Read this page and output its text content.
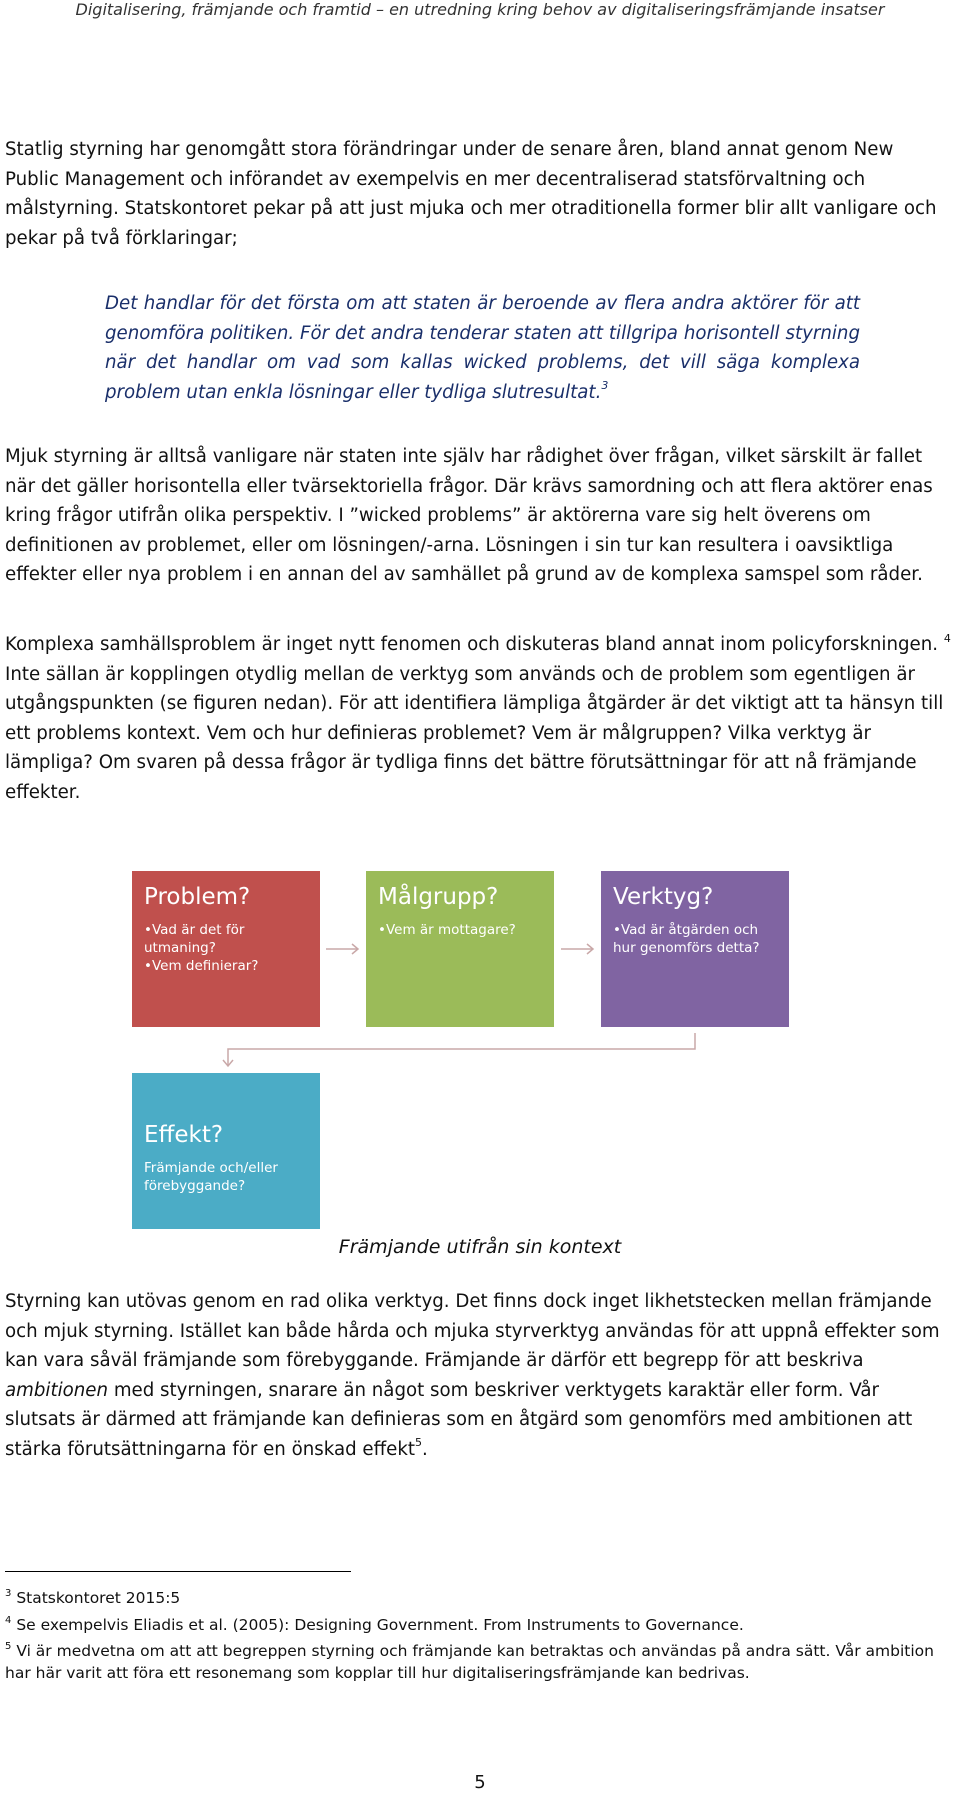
Digitalisering, främjande och framtid – en utredning kring behov av digitaliseringsfrämjande insatser

Statlig styrning har genomgått stora förändringar under de senare åren, bland annat genom New Public Management och införandet av exempelvis en mer decentraliserad statsförvaltning och målstyrning. Statskontoret pekar på att just mjuka och mer otraditionella former blir allt vanligare och pekar på två förklaringar;

Det handlar för det första om att staten är beroende av flera andra aktörer för att genomföra politiken. För det andra tenderar staten att tillgripa horisontell styrning när det handlar om vad som kallas wicked problems, det vill säga komplexa problem utan enkla lösningar eller tydliga slutresultat.$^3$

Mjuk styrning är alltså vanligare när staten inte själv har rådighet över frågan, vilket särskilt är fallet när det gäller horisontella eller tvärsektoriella frågor. Där krävs samordning och att flera aktörer enas kring frågor utifrån olika perspektiv. I ”wicked problems” är aktörerna vare sig helt överens om definitionen av problemet, eller om lösningen/-arna. Lösningen i sin tur kan resultera i oavsiktliga effekter eller nya problem i en annan del av samhället på grund av de komplexa samspel som råder.

Komplexa samhällsproblem är inget nytt fenomen och diskuteras bland annat inom policyforskningen. $^4$ Inte sällan är kopplingen otydlig mellan de verktyg som används och de problem som egentligen är utgångspunkten (se figuren nedan). För att identifiera lämpliga åtgärder är det viktigt att ta hänsyn till ett problems kontext. Vem och hur definieras problemet? Vem är målgruppen? Vilka verktyg är lämpliga? Om svaren på dessa frågor är tydliga finns det bättre förutsättningar för att nå främjande effekter.

Problem?
•Vad är det för utmaning?
•Vem definierar?
Målgrupp?
•Vem är mottagare?
Verktyg?
•Vad är åtgärden och hur genomförs detta?
Effekt?
Främjande och/eller förebyggande?
Främjande utifrån sin kontext

Styrning kan utövas genom en rad olika verktyg. Det finns dock inget likhetstecken mellan främjande och mjuk styrning. Istället kan både hårda och mjuka styrverktyg användas för att uppnå effekter som kan vara såväl främjande som förebyggande. Främjande är därför ett begrepp för att beskriva ambitionen med styrningen, snarare än något som beskriver verktygets karaktär eller form. Vår slutsats är därmed att främjande kan definieras som en åtgärd som genomförs med ambitionen att stärka förutsättningarna för en önskad effekt$^5$.

$^3$ Statskontoret 2015:5

$^4$ Se exempelvis Eliadis et al. (2005): Designing Government. From Instruments to Governance.

$^5$ Vi är medvetna om att att begreppen styrning och främjande kan betraktas och användas på andra sätt. Vår ambition har här varit att föra ett resonemang som kopplar till hur digitaliseringsfrämjande kan bedrivas.

5
